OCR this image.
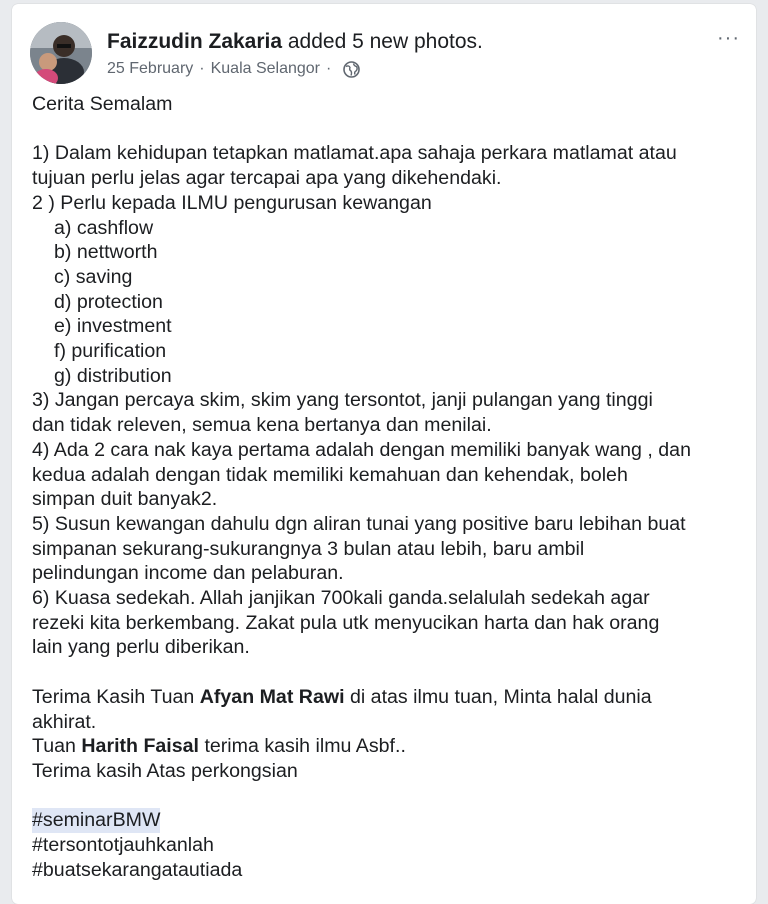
Faizzudin Zakaria added 5 new photos.
25 February · Kuala Selangor ·
···
Cerita Semalam
1) Dalam kehidupan tetapkan matlamat.apa sahaja perkara matlamat atau
tujuan perlu jelas agar tercapai apa yang dikehendaki.
2 ) Perlu kepada ILMU pengurusan kewangan
a) cashflow
b) nettworth
c) saving
d) protection
e) investment
f) purification
g) distribution
3) Jangan percaya skim, skim yang tersontot, janji pulangan yang tinggi
dan tidak releven, semua kena bertanya dan menilai.
4) Ada 2 cara nak kaya pertama adalah dengan memiliki banyak wang , dan
kedua adalah dengan tidak memiliki kemahuan dan kehendak, boleh
simpan duit banyak2.
5) Susun kewangan dahulu dgn aliran tunai yang positive baru lebihan buat
simpanan sekurang-sukurangnya 3 bulan atau lebih, baru ambil
pelindungan income dan pelaburan.
6) Kuasa sedekah. Allah janjikan 700kali ganda.selalulah sedekah agar
rezeki kita berkembang. Zakat pula utk menyucikan harta dan hak orang
lain yang perlu diberikan.
Terima Kasih Tuan Afyan Mat Rawi di atas ilmu tuan, Minta halal dunia
akhirat.
Tuan Harith Faisal terima kasih ilmu Asbf..
Terima kasih Atas perkongsian
#seminarBMW
#tersontotjauhkanlah
#buatsekarangatautiada
